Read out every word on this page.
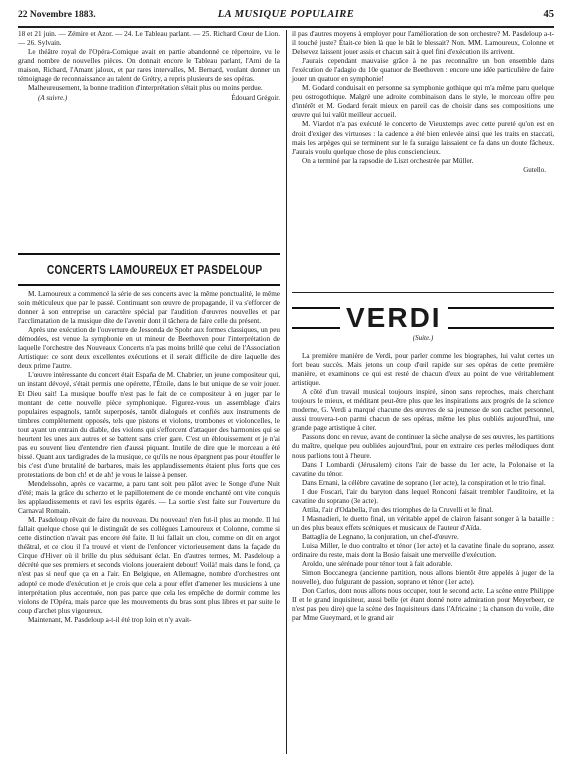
22 Novembre 1883.	LA MUSIQUE POPULAIRE	45

18 et 21 juin. — Zémire et Azor. — 24. Le Tableau parlant. — 25. Richard Cœur de Lion.— 26. Sylvain.

Le théâtre royal de l'Opéra-Comique avait en partie abandonné ce répertoire, vu le grand nombre de nouvelles pièces. On donnait encore le Tableau parlant, l'Ami de la maison, Richard, l'Amant jaloux, et par rares intervalles, M. Bernard, voulant donner un témoignage de reconnaissance au talent de Grétry, a repris plusieurs de ses opéras.

Malheureusement, la bonne tradition d'interprétation s'était plus ou moins perdue.

(A suivre.)	Édouard Grégoir.
CONCERTS LAMOUREUX ET PASDELOUP

M. Lamoureux a commencé la série de ses concerts avec la même ponctualité, le même soin méticuleux que par le passé. Continuant son œuvre de propagande, il va s'efforcer de donner à son entreprise un caractère spécial par l'audition d'œuvres nouvelles et par l'acclimatation de la musique dite de l'avenir dont il tâchera de faire celle du présent.

Après une exécution de l'ouverture de Jessonda de Spohr aux formes classiques, un peu démodées, est venue la symphonie en ut mineur de Beethoven pour l'interprétation de laquelle l'orchestre des Nouveaux Concerts n'a pas moins brillé que celui de l'Association Artistique: ce sont deux excellentes exécutions et il serait difficile de dire laquelle des deux prime l'autre.

L'œuvre intéressante du concert était España de M. Chabrier, un jeune compositeur qui, un instant dévoyé, s'était permis une opérette, l'Étoile, dans le but unique de se voir jouer. Et Dieu sait! La musique bouffe n'est pas le fait de ce compositeur à en juger par le montant de cette nouvelle pièce symphonique. Figurez-vous un assemblage d'airs populaires espagnols, tantôt superposés, tantôt dialogués et confiés aux instruments de timbres complètement opposés, tels que pistons et violons, trombones et violoncelles, le tout ayant un entrain du diable, des violons qui s'efforcent d'attaquer des harmonies qui se heurtent les unes aux autres et se battent sans crier gare. C'est un éblouissement et je n'ai pas eu souvent lieu d'entendre rien d'aussi piquant. Inutile de dire que le morceau a été bissé. Quant aux tardigrades de la musique, ce qu'ils ne nous épargnent pas pour étouffer le bis c'est d'une brutalité de barbares, mais les applaudissements étaient plus forts que ces protestations de bon ch! et de ah! je vous le laisse à penser.

Mendelssohn, après ce vacarme, a paru tant soit peu pâlot avec le Songe d'une Nuit d'été; mais la grâce du scherzo et le papillotement de ce monde enchanté ont vite conquis les applaudissements et ravi les esprits égarés. — La sortie s'est faite sur l'ouverture du Carnaval Romain.

M. Pasdeloup rêvait de faire du nouveau. Du nouveau! n'en fut-il plus au monde. Il lui fallait quelque chose qui le distinguât de ses collègues Lamoureux et Colonne, comme si cette distinction n'avait pas encore été faite. Il lui fallait un clou, comme on dit en argot théâtral, et ce clou il l'a trouvé et vient de l'enfoncer victorieusement dans la façade du Cirque d'Hiver où il brille du plus séduisant éclat. En d'autres termes, M. Pasdeloup a décrété que ses premiers et seconds violons joueraient debout! Voilà! mais dans le fond, ça n'est pas si neuf que ça en a l'air. En Belgique, en Allemagne, nombre d'orchestres ont adopté ce mode d'exécution et je crois que cela a pour effet d'amener les musiciens à une interprétation plus accentuée, non pas parce que cela les empêche de dormir comme les violons de l'Opéra, mais parce que les mouvements du bras sont plus libres et par suite le coup d'archet plus vigoureux.

Maintenant, M. Pasdeloup a-t-il été trop loin et n'y avait-

il pas d'autres moyens à employer pour l'amélioration de son orchestre? M. Pasdeloup a-t-il touché juste? Était-ce bien là que le bât le blessait? Non. MM. Lamoureux, Colonne et Delsevez laissent jouer assis et chacun sait à quel fini d'exécution ils arrivent.

J'aurais cependant mauvaise grâce à ne pas reconnaître un bon ensemble dans l'exécution de l'adagio du 10e quatuor de Beethoven : encore une idée particulière de faire jouer un quatuor en symphonie!

M. Godard conduisait en personne sa symphonie gothique qui m'a même paru quelque peu ostrogothique. Malgré une adroite combinaison dans le style, le morceau offre peu d'intérêt et M. Godard ferait mieux en pareil cas de choisir dans ses compositions une œuvre qui lui valût meilleur accueil.

M. Viardot n'a pas exécuté le concerto de Vieuxtemps avec cette pureté qu'on est en droit d'exiger des virtuoses : la cadence a été bien enlevée ainsi que les traits en staccati, mais les arpèges qui se terminent sur le fa suraigu laissaient ce fa dans un doute fâcheux. J'aurais voulu quelque chose de plus consciencieux.

On a terminé par la rapsodie de Liszt orchestrée par Müller.

Gutello.
VERDI
(Suite.)

La première manière de Verdi, pour parler comme les biographes, lui valut certes un fort beau succès. Mais jetons un coup d'œil rapide sur ses opéras de cette première manière, et examinons ce qui est resté de chacun d'eux au point de vue véritablement artistique.

A côté d'un travail musical toujours inspiré, sinon sans reproches, mais cherchant toujours le mieux, et méditant peut-être plus que les inspirations aux progrès de la science moderne, G. Verdi a marqué chacune des œuvres de sa jeunesse de son cachet personnel, aussi trouvera-t-on parmi chacun de ses opéras, même les plus oubliés aujourd'hui, une grande page artistique à citer.

Passons donc en revue, avant de continuer la sèche analyse de ses œuvres, les partitions du maître, quelque peu oubliées aujourd'hui, pour en extraire ces perles mélodiques dont nous parlions tout à l'heure.

Dans I Lombardi (Jérusalem) citons l'air de basse du 1er acte, la Polonaise et la cavatine du ténor.

Dans Ernani, la célèbre cavatine de soprano (1er acte), la conspiration et le trio final.

I due Foscari, l'air du baryton dans lequel Ronconi faisait trembler l'auditoire, et la cavatine du soprano (3e acte).

Attila, l'air d'Odabella, l'un des triomphes de la Cruvelli et le final.

I Masnadieri, le duetto final, un véritable appel de clairon faisant songer à la bataille : un des plus beaux effets scéniques et musicaux de l'auteur d'Aïda.

Battaglia de Legnano, la conjuration, un chef-d'œuvre.

Luisa Miller, le duo contralto et ténor (1er acte) et la cavatine finale du soprano, assez ordinaire du reste, mais dont la Bosio faisait une merveille d'exécution.

Aroldo, une sérénade pour ténor tout à fait adorable.

Simon Boccanegra (ancienne partition, nous allons bientôt être appelés à juger de la nouvelle), duo fulgurant de passion, soprano et ténor (1er acte).

Don Carlos, dont nous allons nous occuper, tout le second acte. La scène entre Philippe II et le grand inquisiteur, aussi belle (et étant donné notre admiration pour Meyerbeer, ce n'est pas peu dire) que la scène des Inquisiteurs dans l'Africaine ; la chanson du voile, dite par Mme Gueymard, et le grand air
